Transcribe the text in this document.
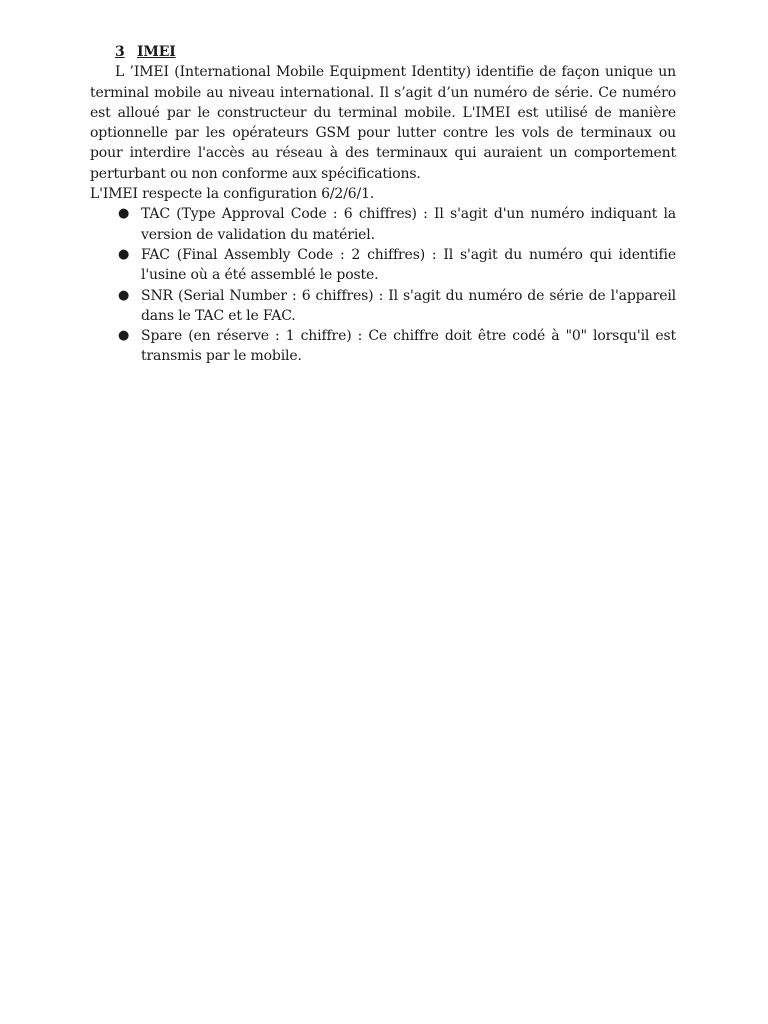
3 IMEI

L ’IMEI (International Mobile Equipment Identity) identifie de façon unique un terminal mobile au niveau international. Il s’agit d’un numéro de série. Ce numéro est alloué par le constructeur du terminal mobile. L'IMEI est utilisé de manière optionnelle par les opérateurs GSM pour lutter contre les vols de terminaux ou pour interdire l'accès au réseau à des terminaux qui auraient un comportement perturbant ou non conforme aux spécifications.

L'IMEI respecte la configuration 6/2/6/1.

● TAC (Type Approval Code : 6 chiffres) : Il s'agit d'un numéro indiquant la version de validation du matériel.
● FAC (Final Assembly Code : 2 chiffres) : Il s'agit du numéro qui identifie l'usine où a été assemblé le poste.
● SNR (Serial Number : 6 chiffres) : Il s'agit du numéro de série de l'appareil dans le TAC et le FAC.
● Spare (en réserve : 1 chiffre) : Ce chiffre doit être codé à "0" lorsqu'il est transmis par le mobile.
